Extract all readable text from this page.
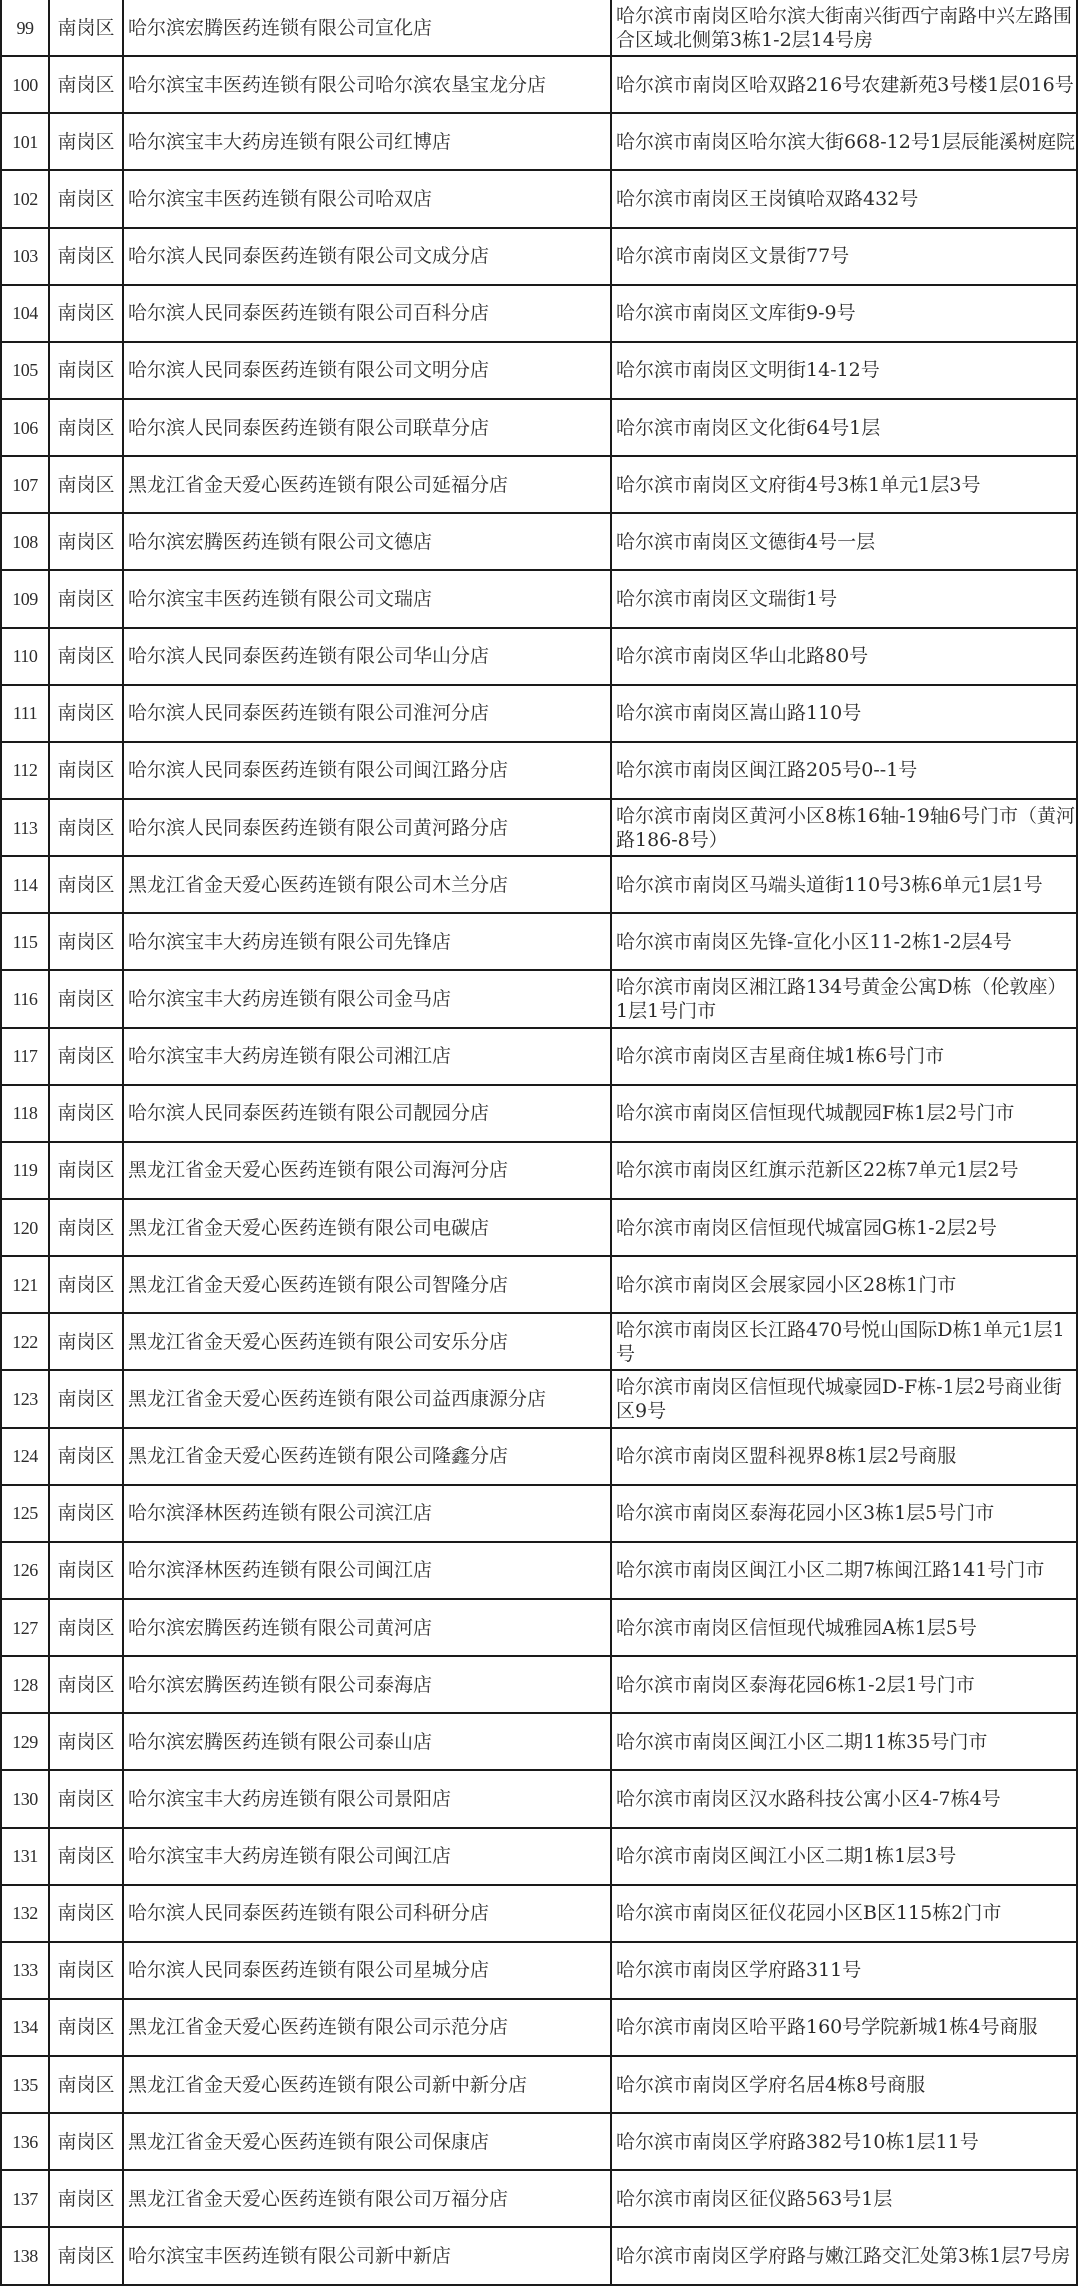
99	南岗区	哈尔滨宏腾医药连锁有限公司宣化店	哈尔滨市南岗区哈尔滨大街南兴街西宁南路中兴左路围合区域北侧第3栋1-2层14号房
100	南岗区	哈尔滨宝丰医药连锁有限公司哈尔滨农垦宝龙分店	哈尔滨市南岗区哈双路216号农建新苑3号楼1层016号
101	南岗区	哈尔滨宝丰大药房连锁有限公司红博店	哈尔滨市南岗区哈尔滨大街668-12号1层辰能溪树庭院
102	南岗区	哈尔滨宝丰医药连锁有限公司哈双店	哈尔滨市南岗区王岗镇哈双路432号
103	南岗区	哈尔滨人民同泰医药连锁有限公司文成分店	哈尔滨市南岗区文景街77号
104	南岗区	哈尔滨人民同泰医药连锁有限公司百科分店	哈尔滨市南岗区文库街9-9号
105	南岗区	哈尔滨人民同泰医药连锁有限公司文明分店	哈尔滨市南岗区文明街14-12号
106	南岗区	哈尔滨人民同泰医药连锁有限公司联草分店	哈尔滨市南岗区文化街64号1层
107	南岗区	黑龙江省金天爱心医药连锁有限公司延福分店	哈尔滨市南岗区文府街4号3栋1单元1层3号
108	南岗区	哈尔滨宏腾医药连锁有限公司文德店	哈尔滨市南岗区文德街4号一层
109	南岗区	哈尔滨宝丰医药连锁有限公司文瑞店	哈尔滨市南岗区文瑞街1号
110	南岗区	哈尔滨人民同泰医药连锁有限公司华山分店	哈尔滨市南岗区华山北路80号
111	南岗区	哈尔滨人民同泰医药连锁有限公司淮河分店	哈尔滨市南岗区嵩山路110号
112	南岗区	哈尔滨人民同泰医药连锁有限公司闽江路分店	哈尔滨市南岗区闽江路205号0--1号
113	南岗区	哈尔滨人民同泰医药连锁有限公司黄河路分店	哈尔滨市南岗区黄河小区8栋16轴-19轴6号门市（黄河路186-8号）
114	南岗区	黑龙江省金天爱心医药连锁有限公司木兰分店	哈尔滨市南岗区马端头道街110号3栋6单元1层1号
115	南岗区	哈尔滨宝丰大药房连锁有限公司先锋店	哈尔滨市南岗区先锋-宣化小区11-2栋1-2层4号
116	南岗区	哈尔滨宝丰大药房连锁有限公司金马店	哈尔滨市南岗区湘江路134号黄金公寓D栋（伦敦座）1层1号门市
117	南岗区	哈尔滨宝丰大药房连锁有限公司湘江店	哈尔滨市南岗区吉星商住城1栋6号门市
118	南岗区	哈尔滨人民同泰医药连锁有限公司靓园分店	哈尔滨市南岗区信恒现代城靓园F栋1层2号门市
119	南岗区	黑龙江省金天爱心医药连锁有限公司海河分店	哈尔滨市南岗区红旗示范新区22栋7单元1层2号
120	南岗区	黑龙江省金天爱心医药连锁有限公司电碳店	哈尔滨市南岗区信恒现代城富园G栋1-2层2号
121	南岗区	黑龙江省金天爱心医药连锁有限公司智隆分店	哈尔滨市南岗区会展家园小区28栋1门市
122	南岗区	黑龙江省金天爱心医药连锁有限公司安乐分店	哈尔滨市南岗区长江路470号悦山国际D栋1单元1层1号
123	南岗区	黑龙江省金天爱心医药连锁有限公司益西康源分店	哈尔滨市南岗区信恒现代城豪园D-F栋-1层2号商业街区9号
124	南岗区	黑龙江省金天爱心医药连锁有限公司隆鑫分店	哈尔滨市南岗区盟科视界8栋1层2号商服
125	南岗区	哈尔滨泽林医药连锁有限公司滨江店	哈尔滨市南岗区泰海花园小区3栋1层5号门市
126	南岗区	哈尔滨泽林医药连锁有限公司闽江店	哈尔滨市南岗区闽江小区二期7栋闽江路141号门市
127	南岗区	哈尔滨宏腾医药连锁有限公司黄河店	哈尔滨市南岗区信恒现代城雅园A栋1层5号
128	南岗区	哈尔滨宏腾医药连锁有限公司泰海店	哈尔滨市南岗区泰海花园6栋1-2层1号门市
129	南岗区	哈尔滨宏腾医药连锁有限公司泰山店	哈尔滨市南岗区闽江小区二期11栋35号门市
130	南岗区	哈尔滨宝丰大药房连锁有限公司景阳店	哈尔滨市南岗区汉水路科技公寓小区4-7栋4号
131	南岗区	哈尔滨宝丰大药房连锁有限公司闽江店	哈尔滨市南岗区闽江小区二期1栋1层3号
132	南岗区	哈尔滨人民同泰医药连锁有限公司科研分店	哈尔滨市南岗区征仪花园小区B区115栋2门市
133	南岗区	哈尔滨人民同泰医药连锁有限公司星城分店	哈尔滨市南岗区学府路311号
134	南岗区	黑龙江省金天爱心医药连锁有限公司示范分店	哈尔滨市南岗区哈平路160号学院新城1栋4号商服
135	南岗区	黑龙江省金天爱心医药连锁有限公司新中新分店	哈尔滨市南岗区学府名居4栋8号商服
136	南岗区	黑龙江省金天爱心医药连锁有限公司保康店	哈尔滨市南岗区学府路382号10栋1层11号
137	南岗区	黑龙江省金天爱心医药连锁有限公司万福分店	哈尔滨市南岗区征仪路563号1层
138	南岗区	哈尔滨宝丰医药连锁有限公司新中新店	哈尔滨市南岗区学府路与嫩江路交汇处第3栋1层7号房
